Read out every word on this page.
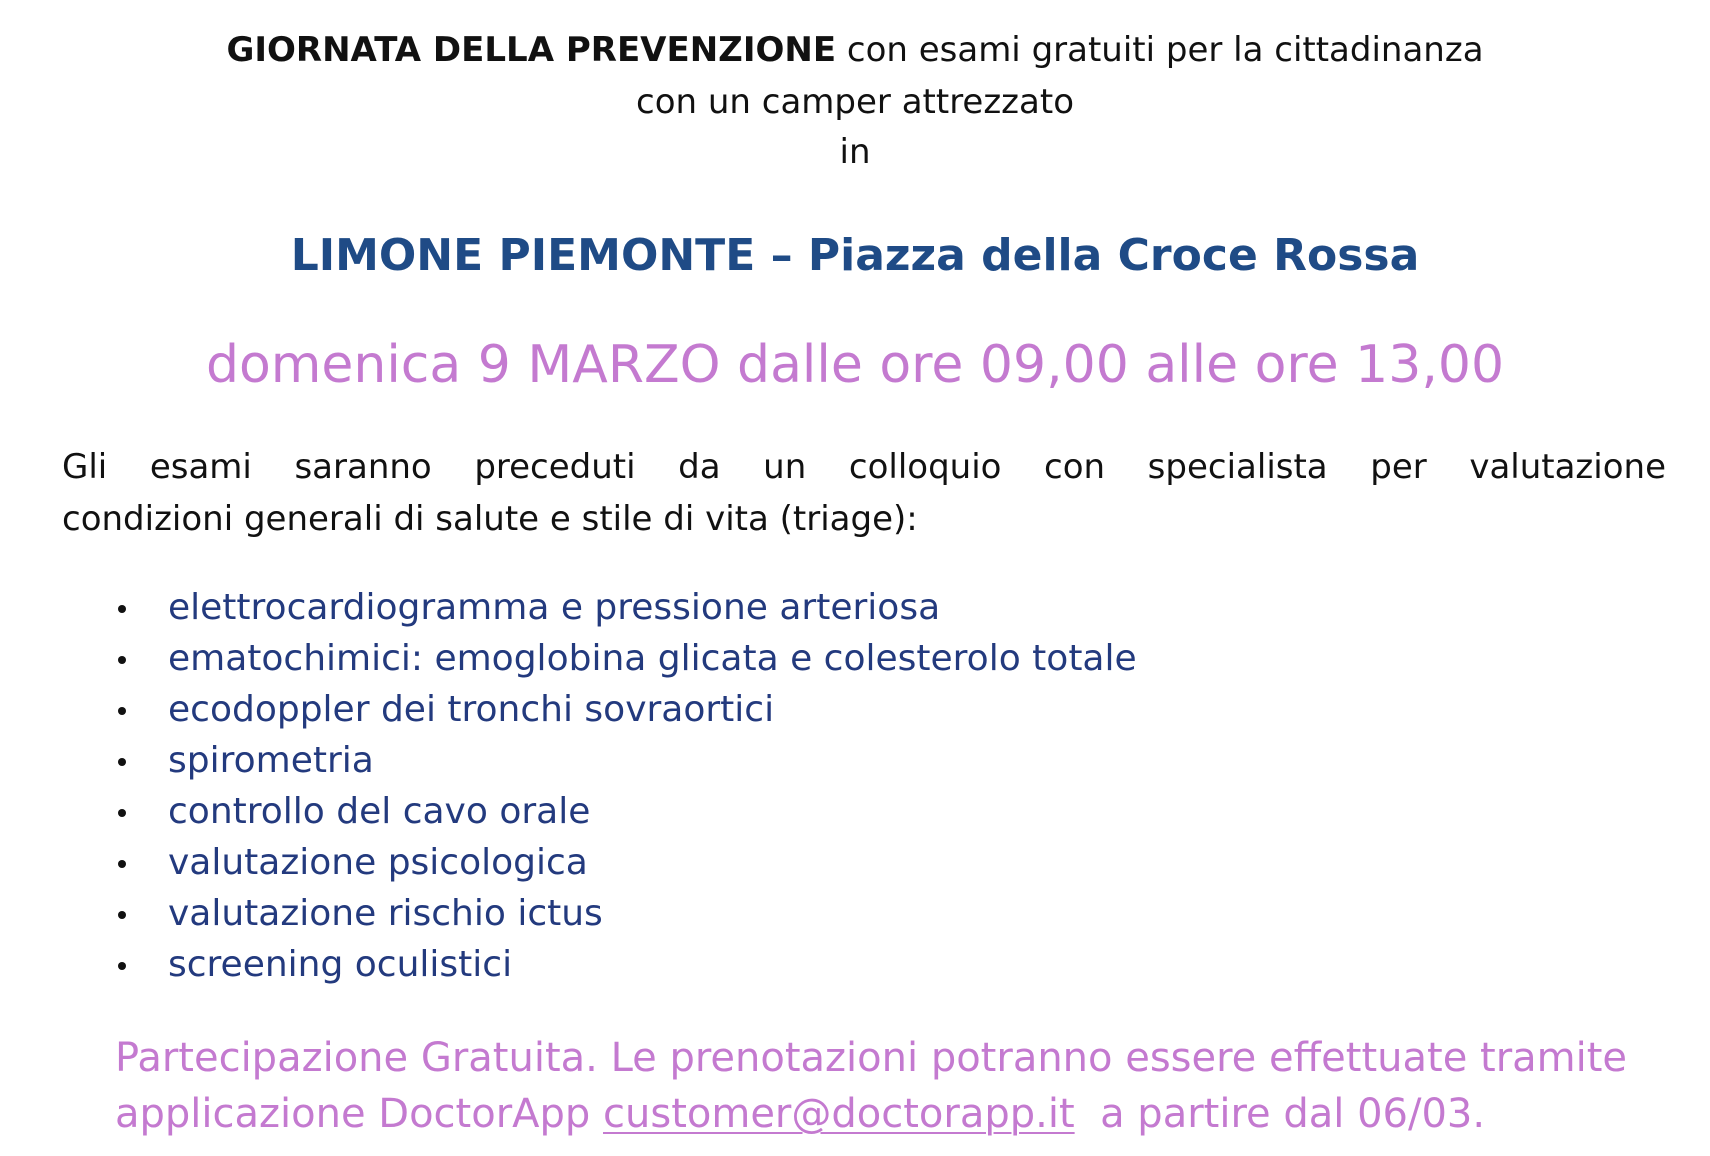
GIORNATA DELLA PREVENZIONE con esami gratuiti per la cittadinanza
con un camper attrezzato
in
LIMONE PIEMONTE – Piazza della Croce Rossa
domenica 9 MARZO dalle ore 09,00 alle ore 13,00
Gli esami saranno preceduti da un colloquio con specialista per valutazione
condizioni generali di salute e stile di vita (triage):
elettrocardiogramma e pressione arteriosa
ematochimici: emoglobina glicata e colesterolo totale
ecodoppler dei tronchi sovraortici
spirometria
controllo del cavo orale
valutazione psicologica
valutazione rischio ictus
screening oculistici
Partecipazione Gratuita. Le prenotazioni potranno essere effettuate tramite
applicazione DoctorApp customer@doctorapp.it  a partire dal 06/03.
